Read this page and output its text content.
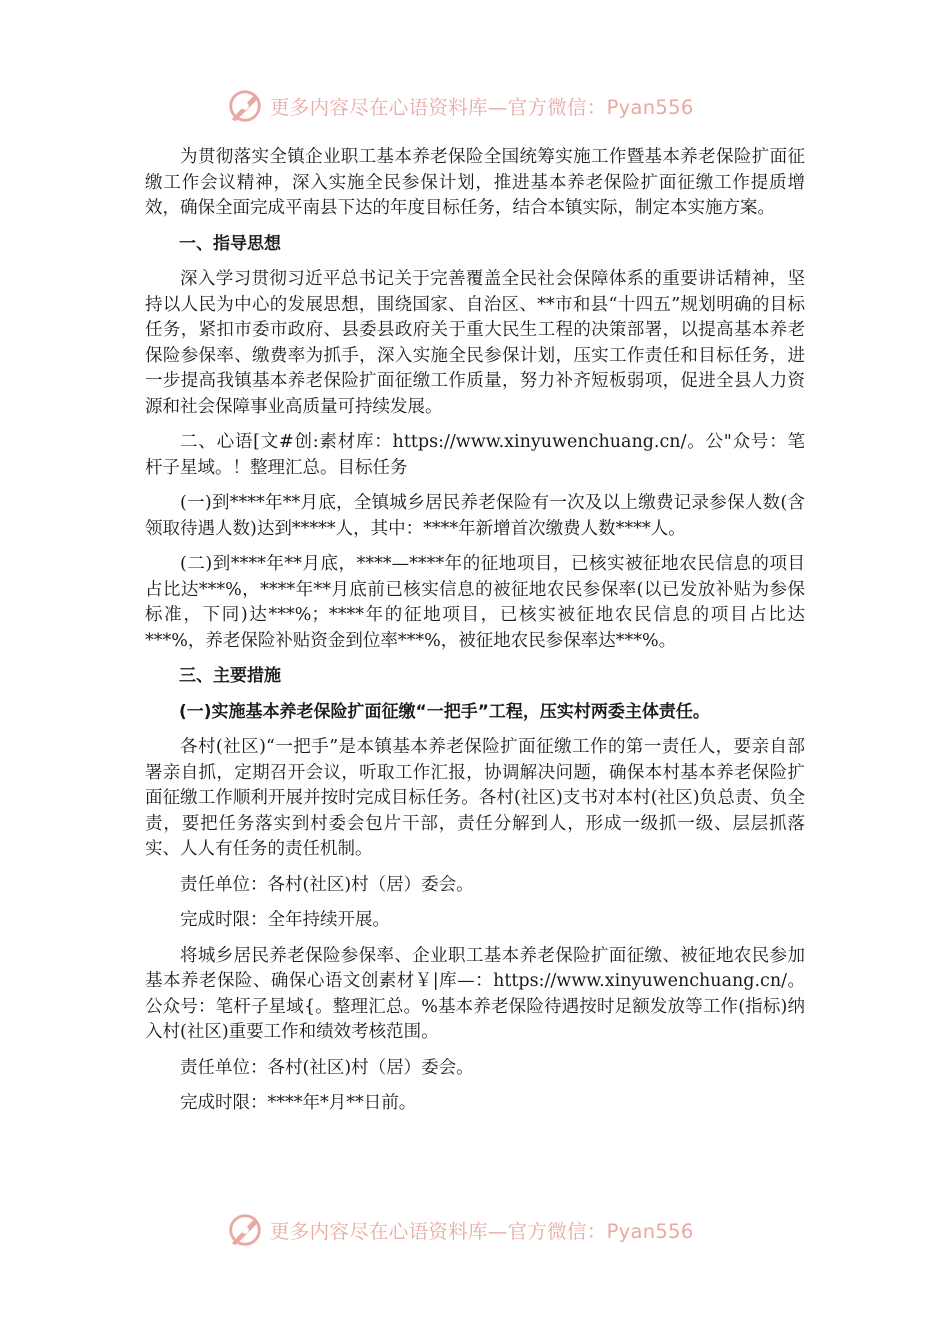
更多内容尽在心语资料库—官方微信：Pyan556

为贯彻落实全镇企业职工基本养老保险全国统筹实施工作暨基本养老保险扩面征缴工作会议精神，深入实施全民参保计划，推进基本养老保险扩面征缴工作提质增效，确保全面完成平南县下达的年度目标任务，结合本镇实际，制定本实施方案。

一、指导思想

深入学习贯彻习近平总书记关于完善覆盖全民社会保障体系的重要讲话精神，坚持以人民为中心的发展思想，围绕国家、自治区、**市和县“十四五”规划明确的目标任务，紧扣市委市政府、县委县政府关于重大民生工程的决策部署，以提高基本养老保险参保率、缴费率为抓手，深入实施全民参保计划，压实工作责任和目标任务，进一步提高我镇基本养老保险扩面征缴工作质量，努力补齐短板弱项，促进全县人力资源和社会保障事业高质量可持续发展。

二、心语[文#创:素材库：https://www.xinyuwenchuang.cn/。公"众号：笔杆子星域。！整理汇总。目标任务

(一)到****年**月底，全镇城乡居民养老保险有一次及以上缴费记录参保人数(含领取待遇人数)达到*****人，其中：****年新增首次缴费人数****人。

(二)到****年**月底，****—****年的征地项目，已核实被征地农民信息的项目占比达***%，****年**月底前已核实信息的被征地农民参保率(以已发放补贴为参保标准，下同)达***%；****年的征地项目，已核实被征地农民信息的项目占比达***%，养老保险补贴资金到位率***%，被征地农民参保率达***%。

三、主要措施

(一)实施基本养老保险扩面征缴“一把手”工程，压实村两委主体责任。

各村(社区)“一把手”是本镇基本养老保险扩面征缴工作的第一责任人，要亲自部署亲自抓，定期召开会议，听取工作汇报，协调解决问题，确保本村基本养老保险扩面征缴工作顺利开展并按时完成目标任务。各村(社区)支书对本村(社区)负总责、负全责，要把任务落实到村委会包片干部，责任分解到人，形成一级抓一级、层层抓落实、人人有任务的责任机制。

责任单位：各村(社区)村（居）委会。

完成时限：全年持续开展。

将城乡居民养老保险参保率、企业职工基本养老保险扩面征缴、被征地农民参加基本养老保险、确保心语文创素材￥|库—：https://www.xinyuwenchuang.cn/。公众号：笔杆子星域{。整理汇总。%基本养老保险待遇按时足额发放等工作(指标)纳入村(社区)重要工作和绩效考核范围。

责任单位：各村(社区)村（居）委会。

完成时限：****年*月**日前。

更多内容尽在心语资料库—官方微信：Pyan556
